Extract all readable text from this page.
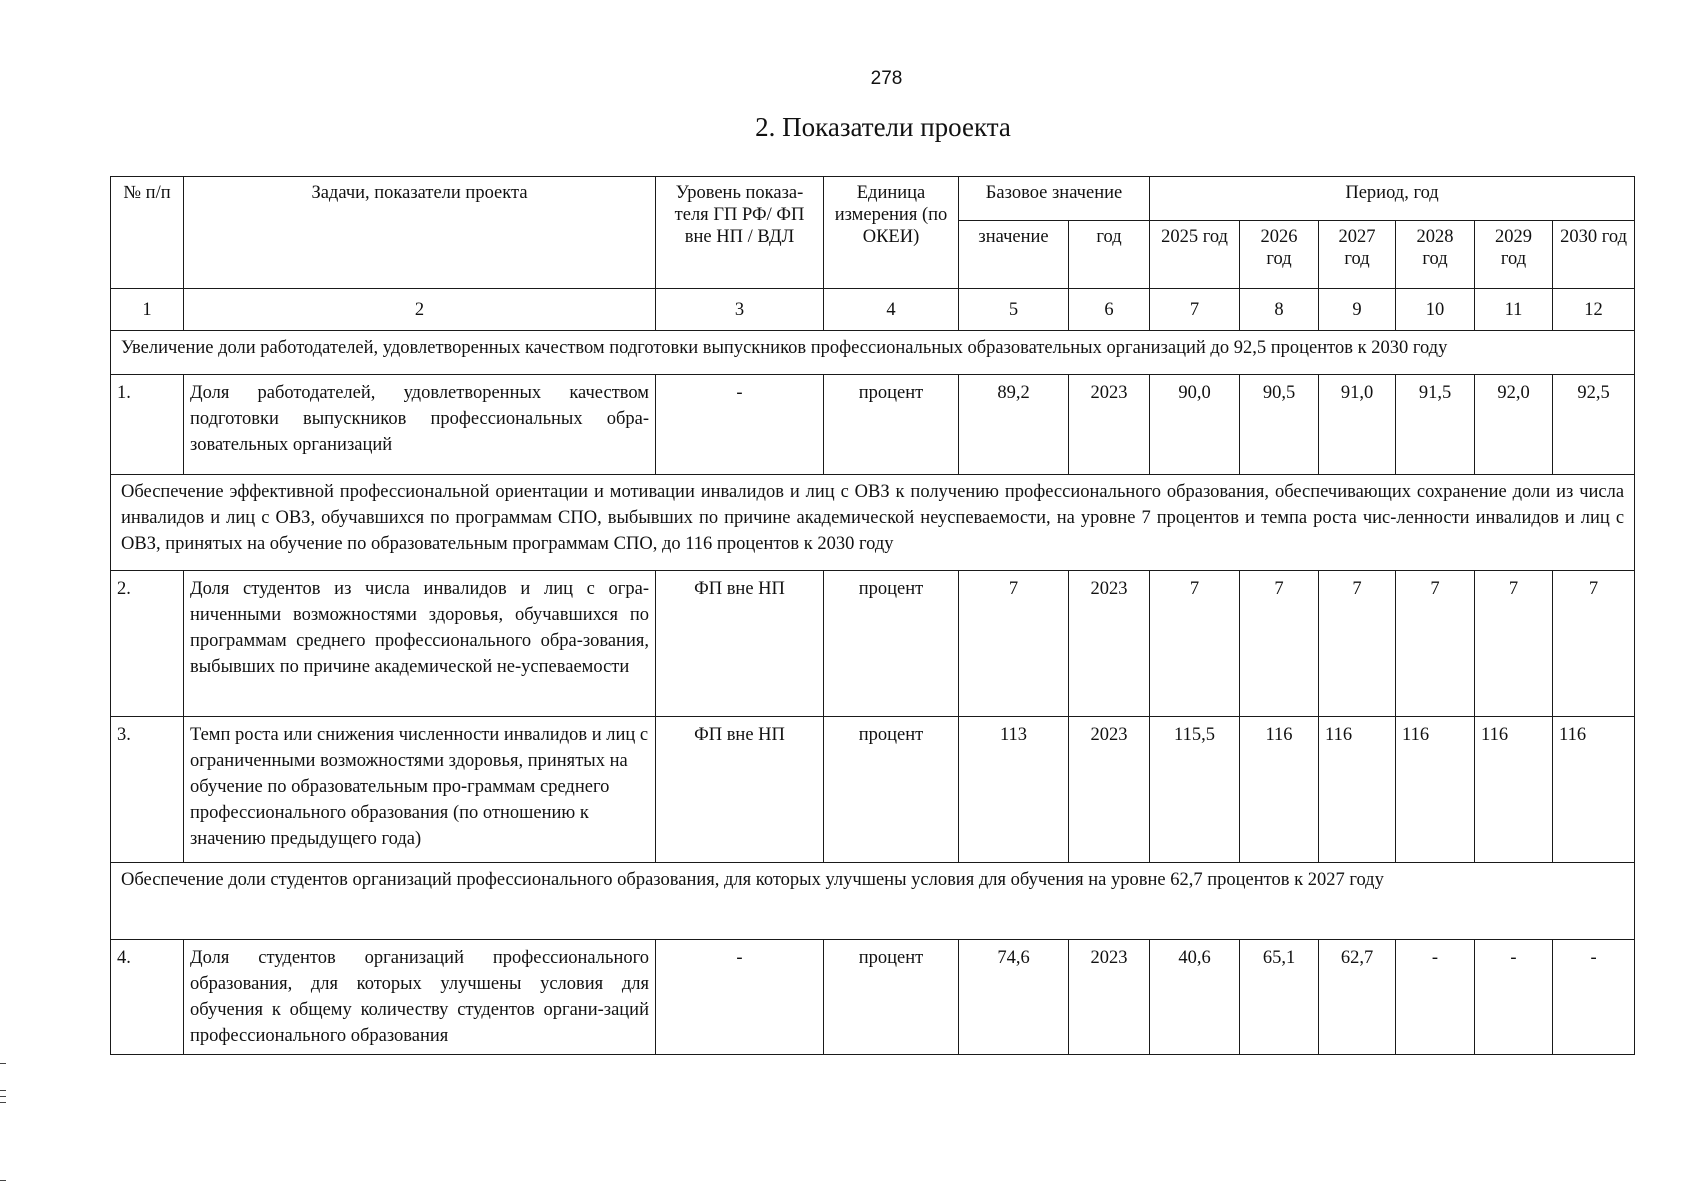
278
2. Показатели проекта
№ п/п	Задачи, показатели проекта	Уровень показа-теля ГП РФ/ ФП вне НП / ВДЛ	Единица измерения (по ОКЕИ)	Базовое значение		Период, год					
				значение	год	2025 год	2026 год	2027 год	2028 год	2029 год	2030 год
1	2	3	4	5	6	7	8	9	10	11	12
Увеличение доли работодателей, удовлетворенных качеством подготовки выпускников профессиональных образовательных организаций до 92,5 процентов к 2030 году											
1.	Доля работодателей, удовлетворенных качеством подготовки выпускников профессиональных обра-зовательных организаций	-	процент	89,2	2023	90,0	90,5	91,0	91,5	92,0	92,5
Обеспечение эффективной профессиональной ориентации и мотивации инвалидов и лиц с ОВЗ к получению профессионального образования, обеспечивающих сохранение доли из числа инвалидов и лиц с ОВЗ, обучавшихся по программам СПО, выбывших по причине академической неуспеваемости, на уровне 7 процентов и темпа роста чис-ленности инвалидов и лиц с ОВЗ, принятых на обучение по образовательным программам СПО, до 116 процентов к 2030 году											
2.	Доля студентов из числа инвалидов и лиц с огра-ниченными возможностями здоровья, обучавшихся по программам среднего профессионального обра-зования, выбывших по причине академической не-успеваемости	ФП вне НП	процент	7	2023	7	7	7	7	7	7
3.	Темп роста или снижения численности инвалидов и лиц с ограниченными возможностями здоровья, принятых на обучение по образовательным про-граммам среднего профессионального образования (по отношению к значению предыдущего года)	ФП вне НП	процент	113	2023	115,5	116	116	116	116	116
Обеспечение доли студентов организаций профессионального образования, для которых улучшены условия для обучения на уровне 62,7 процентов к 2027 году											
4.	Доля студентов организаций профессионального образования, для которых улучшены условия для обучения к общему количеству студентов органи-заций профессионального образования	-	процент	74,6	2023	40,6	65,1	62,7	-	-	-
